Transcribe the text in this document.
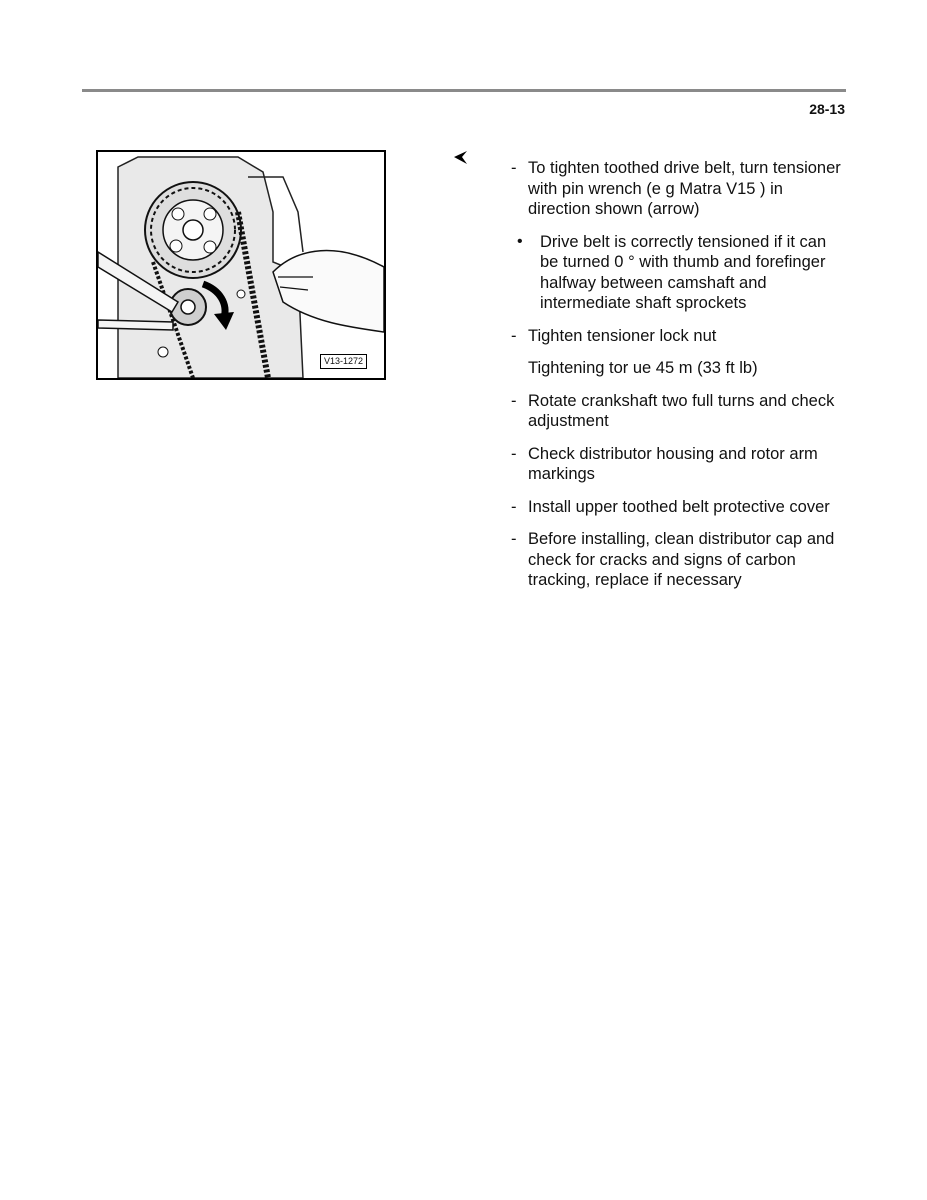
28-13
V13-1272
- To tighten toothed drive belt, turn tensioner with pin wrench (e g Matra V15 ) in direction shown (arrow)
• Drive belt is correctly tensioned if it can be turned 0 ° with thumb and forefinger halfway between camshaft and intermediate shaft sprockets
- Tighten tensioner lock nut
Tightening tor ue 45 m (33 ft lb)
- Rotate crankshaft two full turns and check adjustment
- Check distributor housing and rotor arm markings
- Install upper toothed belt protective cover
- Before installing, clean distributor cap and check for cracks and signs of carbon tracking, replace if necessary
